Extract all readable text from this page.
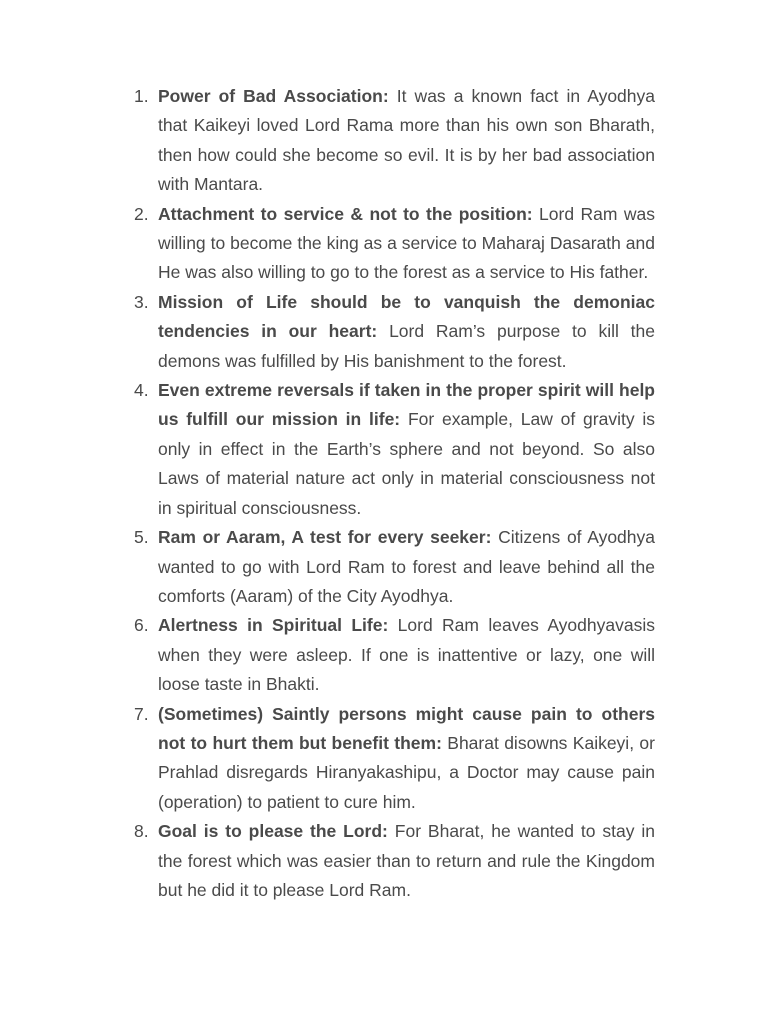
1. Power of Bad Association: It was a known fact in Ayodhya that Kaikeyi loved Lord Rama more than his own son Bharath, then how could she become so evil. It is by her bad association with Mantara.
2. Attachment to service & not to the position: Lord Ram was willing to become the king as a service to Maharaj Dasarath and He was also willing to go to the forest as a service to His father.
3. Mission of Life should be to vanquish the demoniac tendencies in our heart: Lord Ram’s purpose to kill the demons was fulfilled by His banishment to the forest.
4. Even extreme reversals if taken in the proper spirit will help us fulfill our mission in life: For example, Law of gravity is only in effect in the Earth’s sphere and not beyond. So also Laws of material nature act only in material consciousness not in spiritual consciousness.
5. Ram or Aaram, A test for every seeker: Citizens of Ayodhya wanted to go with Lord Ram to forest and leave behind all the comforts (Aaram) of the City Ayodhya.
6. Alertness in Spiritual Life: Lord Ram leaves Ayodhyavasis when they were asleep. If one is inattentive or lazy, one will loose taste in Bhakti.
7. (Sometimes) Saintly persons might cause pain to others not to hurt them but benefit them: Bharat disowns Kaikeyi, or Prahlad disregards Hiranyakashipu, a Doctor may cause pain (operation) to patient to cure him.
8. Goal is to please the Lord: For Bharat, he wanted to stay in the forest which was easier than to return and rule the Kingdom but he did it to please Lord Ram.
